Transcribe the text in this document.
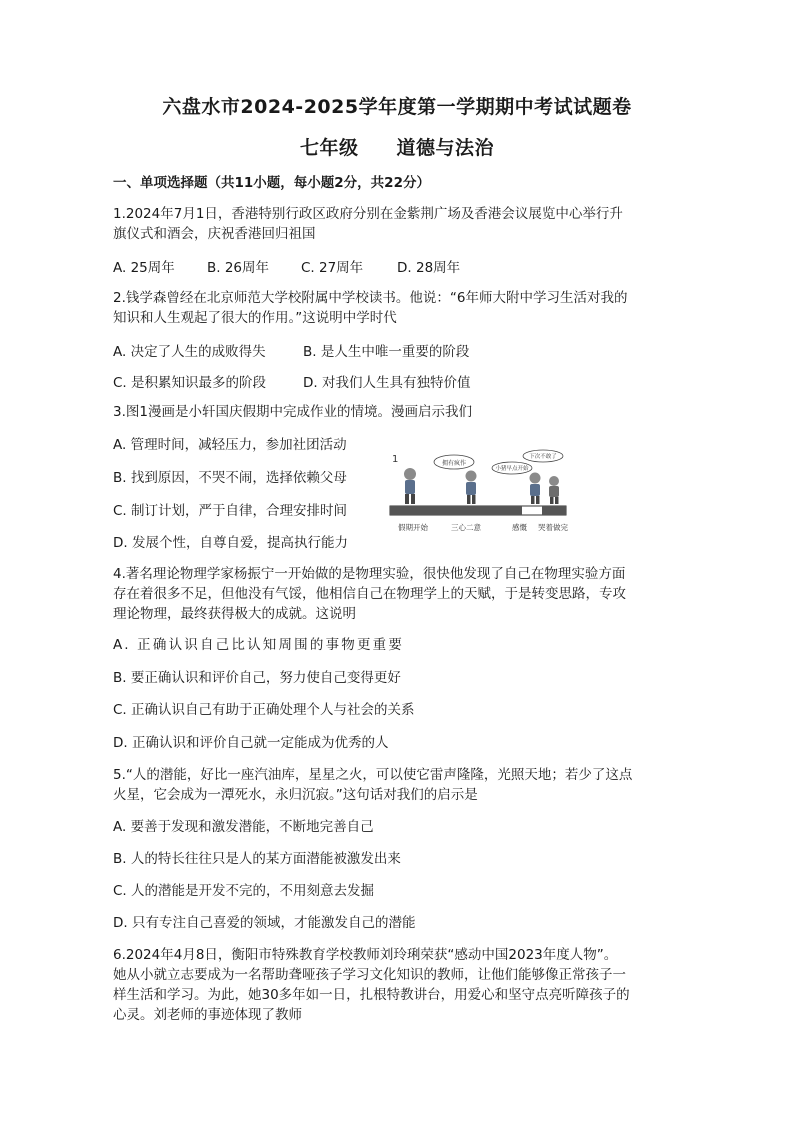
六盘水市2024-2025学年度第一学期期中考试试题卷
七年级 道德与法治
一、单项选择题（共11小题，每小题2分，共22分）
1.2024年7月1日，香港特别行政区政府分别在金紫荆广场及香港会议展览中心举行升
旗仪式和酒会，庆祝香港回归祖国
A. 25周年 B. 26周年 C. 27周年	D. 28周年
2.钱学森曾经在北京师范大学校附属中学校读书。他说：“6年师大附中学习生活对我的
知识和人生观起了很大的作用。”这说明中学时代
A. 决定了人生的成败得失	B. 是人生中唯一重要的阶段
C. 是积累知识最多的阶段	D. 对我们人生具有独特价值
3.图1漫画是小轩国庆假期中完成作业的情境。漫画启示我们
A. 管理时间，减轻压力，参加社团活动
B. 找到原因，不哭不闹，选择依赖父母
C. 制订计划，严于自律，合理安排时间
D. 发展个性，自尊自爱，提高执行能力
1	拥有疯作
下次不敢了
小猪早点开始
假期开始	三心二意	感慨 哭着做完
4.著名理论物理学家杨振宁一开始做的是物理实验，很快他发现了自己在物理实验方面
存在着很多不足，但他没有气馁，他相信自己在物理学上的天赋，于是转变思路，专攻
理论物理，最终获得极大的成就。这说明
A. 正确认识自己比认知周围的事物更重要
B. 要正确认识和评价自己，努力使自己变得更好
C. 正确认识自己有助于正确处理个人与社会的关系
D. 正确认识和评价自己就一定能成为优秀的人
5.“人的潜能，好比一座汽油库，星星之火，可以使它雷声隆隆，光照天地；若少了这点
火星，它会成为一潭死水，永归沉寂。”这句话对我们的启示是
A. 要善于发现和激发潜能，不断地完善自己
B. 人的特长往往只是人的某方面潜能被激发出来
C. 人的潜能是开发不完的，不用刻意去发掘
D. 只有专注自己喜爱的领域，才能激发自己的潜能
6.2024年4月8日，衡阳市特殊教育学校教师刘玲琍荣获“感动中国2023年度人物”。
她从小就立志要成为一名帮助聋哑孩子学习文化知识的教师，让他们能够像正常孩子一
样生活和学习。为此，她30多年如一日，扎根特教讲台，用爱心和坚守点亮听障孩子的
心灵。刘老师的事迹体现了教师
